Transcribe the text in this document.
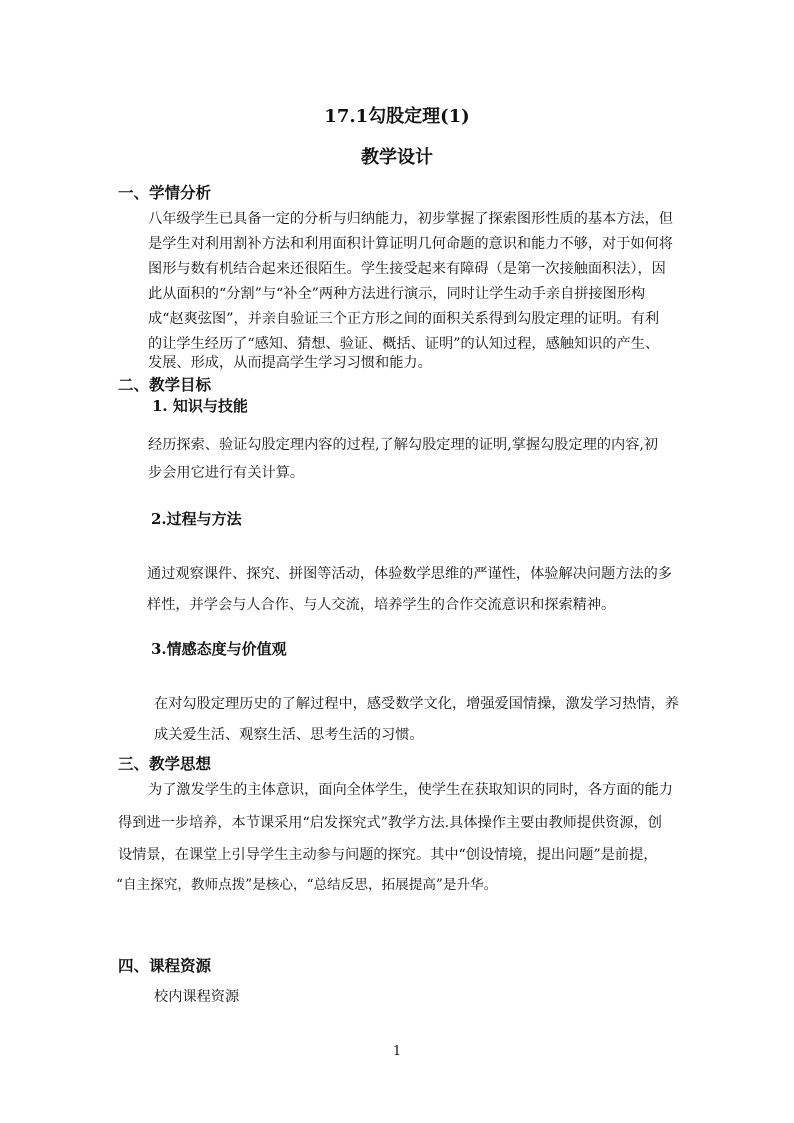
17.1勾股定理(1)
教学设计
一、学情分析
八年级学生已具备一定的分析与归纳能力，初步掌握了探索图形性质的基本方法，但
是学生对利用割补方法和利用面积计算证明几何命题的意识和能力不够，对于如何将
图形与数有机结合起来还很陌生。学生接受起来有障碍（是第一次接触面积法），因
此从面积的“分割”与“补全”两种方法进行演示，同时让学生动手亲自拼接图形构
成“赵爽弦图”，并亲自验证三个正方形之间的面积关系得到勾股定理的证明。有利
的让学生经历了“感知、猜想、验证、概括、证明”的认知过程，感触知识的产生、
发展、形成，从而提高学生学习习惯和能力。
二、教学目标
1. 知识与技能
经历探索、验证勾股定理内容的过程,了解勾股定理的证明,掌握勾股定理的内容,初
步会用它进行有关计算。
2.过程与方法
通过观察课件、探究、拼图等活动，体验数学思维的严谨性，体验解决问题方法的多
样性，并学会与人合作、与人交流，培养学生的合作交流意识和探索精神。
3.情感态度与价值观
在对勾股定理历史的了解过程中，感受数学文化，增强爱国情操，激发学习热情，养
成关爱生活、观察生活、思考生活的习惯。
三、教学思想
为了激发学生的主体意识，面向全体学生，使学生在获取知识的同时，各方面的能力
得到进一步培养，本节课采用“启发探究式”教学方法.具体操作主要由教师提供资源，创
设情景，在课堂上引导学生主动参与问题的探究。其中“创设情境，提出问题”是前提，
“自主探究，教师点拨”是核心，“总结反思，拓展提高”是升华。
四、课程资源
校内课程资源
1
